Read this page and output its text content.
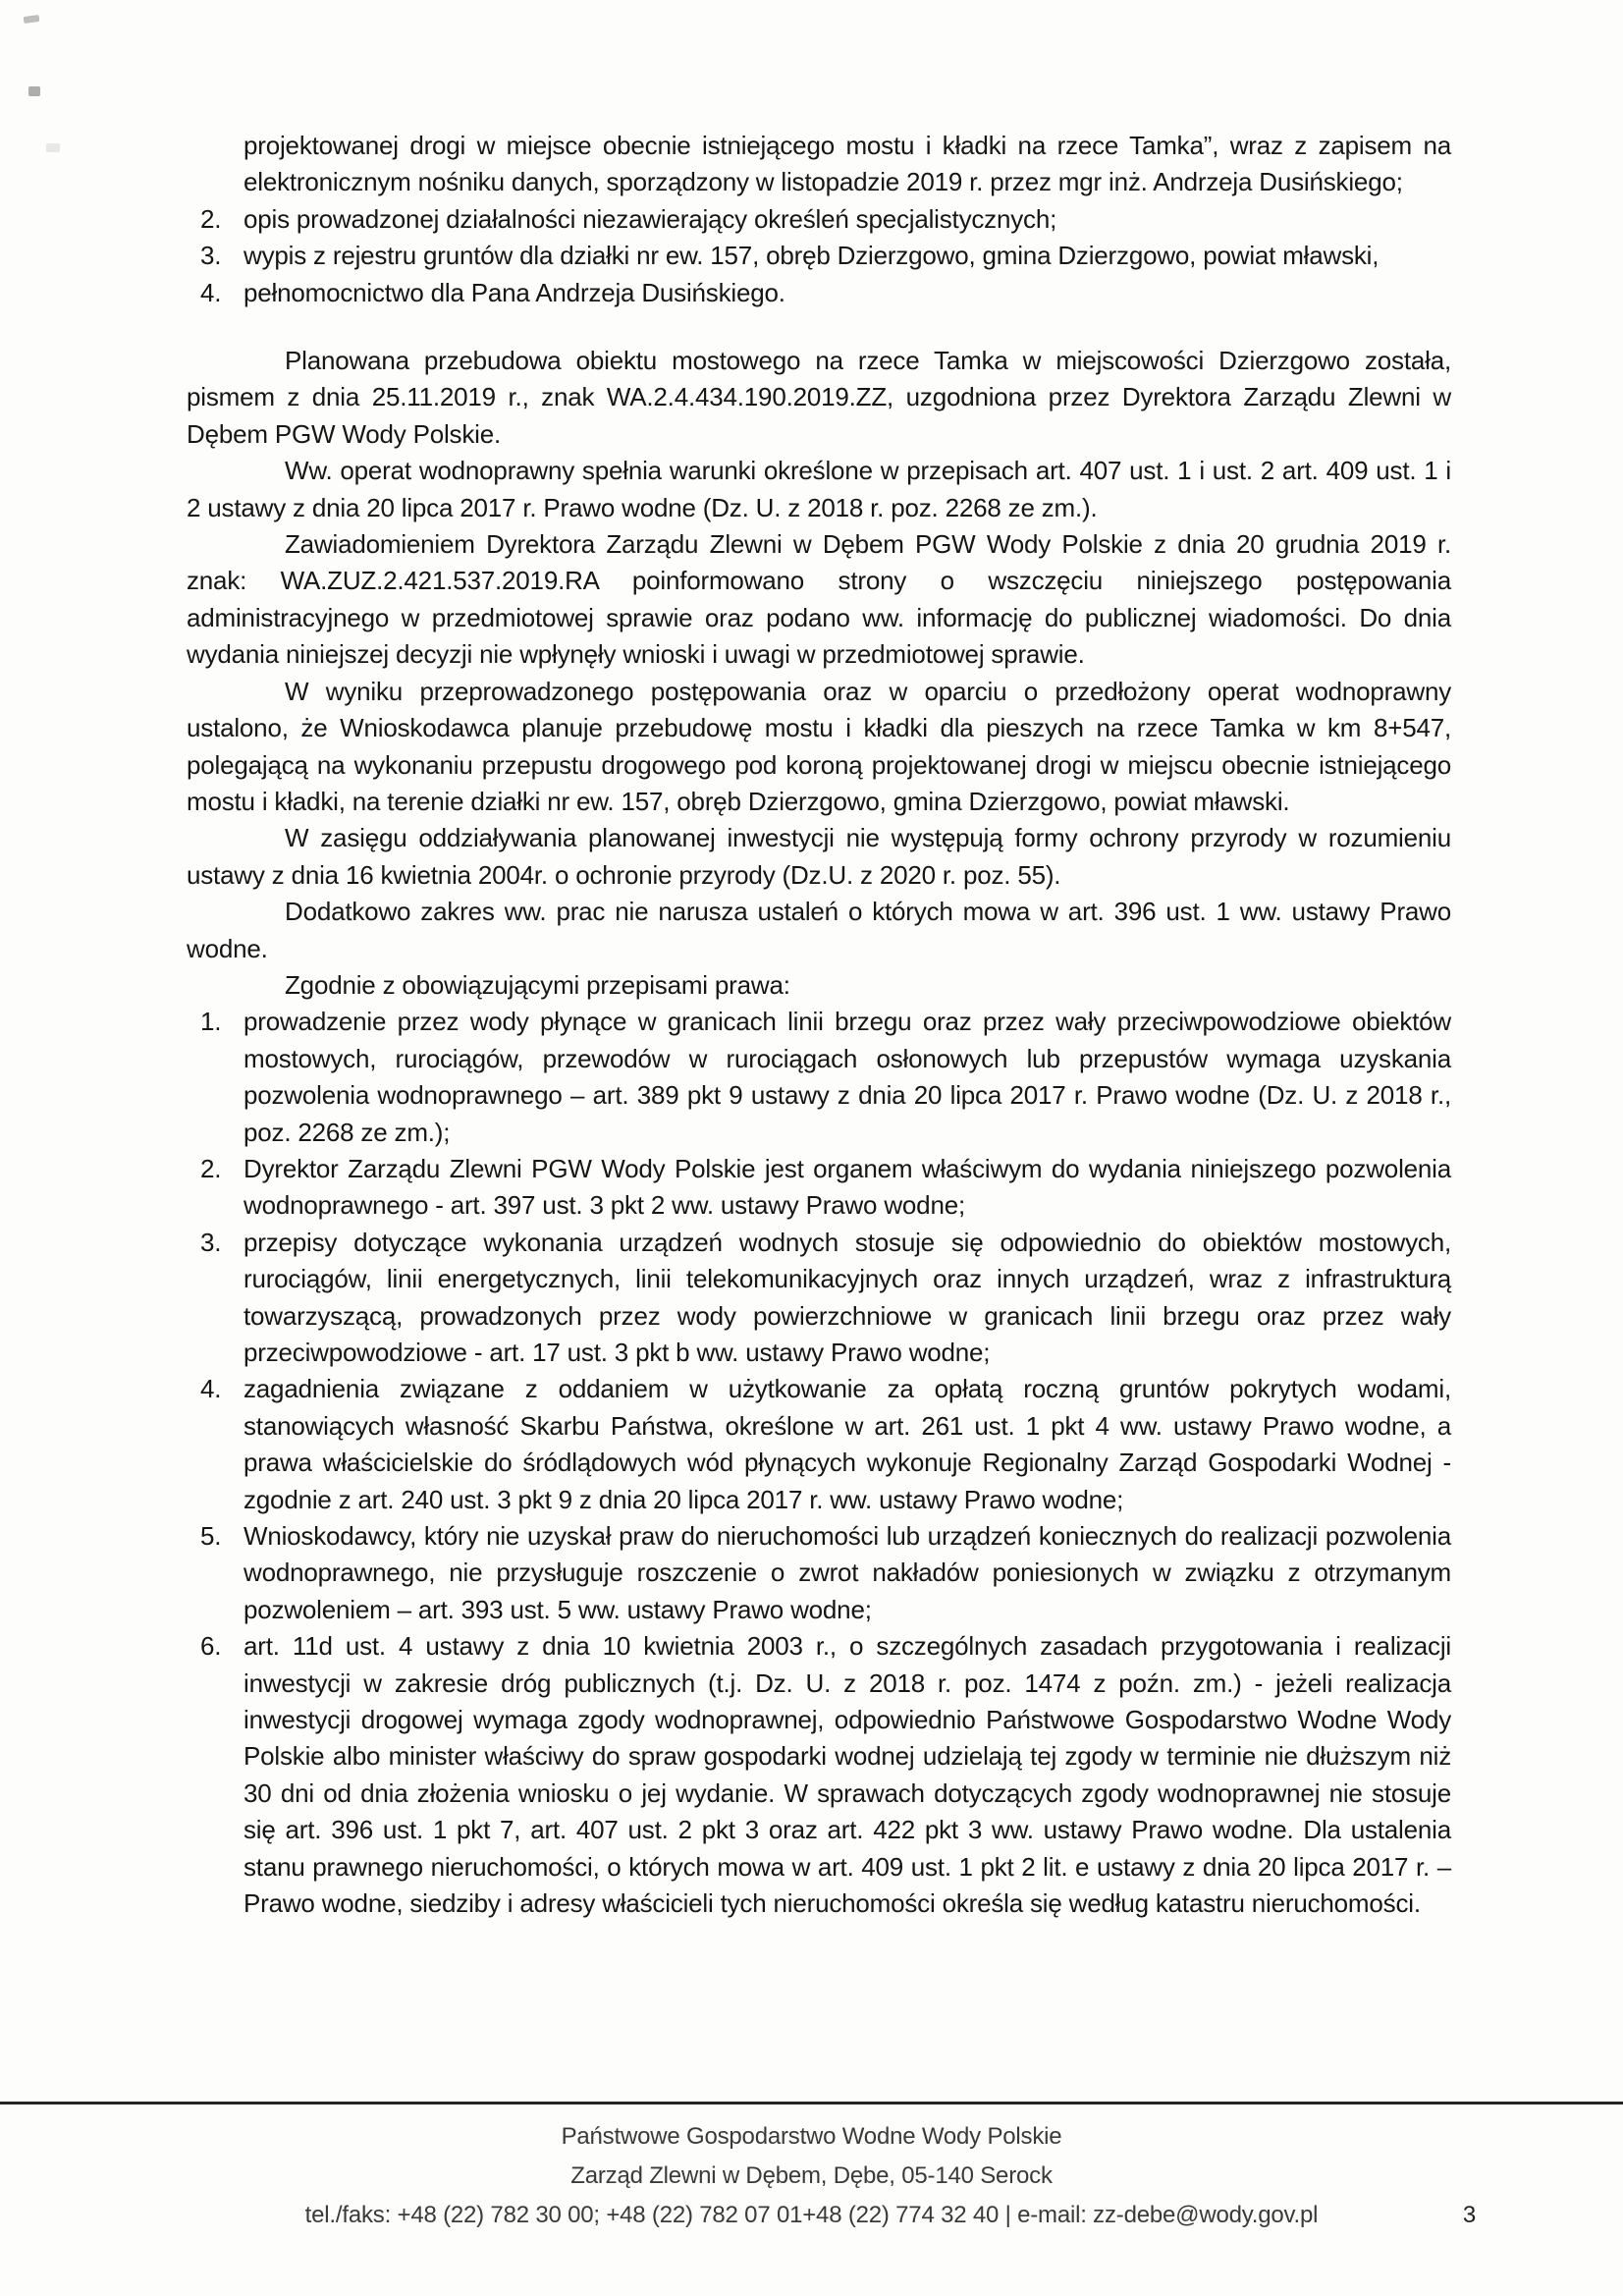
projektowanej drogi w miejsce obecnie istniejącego mostu i kładki na rzece Tamka”, wraz z zapisem na elektronicznym nośniku danych, sporządzony w listopadzie 2019 r. przez mgr inż. Andrzeja Dusińskiego;
2. opis prowadzonej działalności niezawierający określeń specjalistycznych;
3. wypis z rejestru gruntów dla działki nr ew. 157, obręb Dzierzgowo, gmina Dzierzgowo, powiat mławski,
4. pełnomocnictwo dla Pana Andrzeja Dusińskiego.

Planowana przebudowa obiektu mostowego na rzece Tamka w miejscowości Dzierzgowo została, pismem z dnia 25.11.2019 r., znak WA.2.4.434.190.2019.ZZ, uzgodniona przez Dyrektora Zarządu Zlewni w Dębem PGW Wody Polskie.

Ww. operat wodnoprawny spełnia warunki określone w przepisach art. 407 ust. 1 i ust. 2 art. 409 ust. 1 i 2 ustawy z dnia 20 lipca 2017 r. Prawo wodne (Dz. U. z 2018 r. poz. 2268 ze zm.).

Zawiadomieniem Dyrektora Zarządu Zlewni w Dębem PGW Wody Polskie z dnia 20 grudnia 2019 r. znak: WA.ZUZ.2.421.537.2019.RA poinformowano strony o wszczęciu niniejszego postępowania administracyjnego w przedmiotowej sprawie oraz podano ww. informację do publicznej wiadomości. Do dnia wydania niniejszej decyzji nie wpłynęły wnioski i uwagi w przedmiotowej sprawie.

W wyniku przeprowadzonego postępowania oraz w oparciu o przedłożony operat wodnoprawny ustalono, że Wnioskodawca planuje przebudowę mostu i kładki dla pieszych na rzece Tamka w km 8+547, polegającą na wykonaniu przepustu drogowego pod koroną projektowanej drogi w miejscu obecnie istniejącego mostu i kładki, na terenie działki nr ew. 157, obręb Dzierzgowo, gmina Dzierzgowo, powiat mławski.

W zasięgu oddziaływania planowanej inwestycji nie występują formy ochrony przyrody w rozumieniu ustawy z dnia 16 kwietnia 2004r. o ochronie przyrody (Dz.U. z 2020 r. poz. 55).

Dodatkowo zakres ww. prac nie narusza ustaleń o których mowa w art. 396 ust. 1 ww. ustawy Prawo wodne.

Zgodnie z obowiązującymi przepisami prawa:

1. prowadzenie przez wody płynące w granicach linii brzegu oraz przez wały przeciwpowodziowe obiektów mostowych, rurociągów, przewodów w rurociągach osłonowych lub przepustów wymaga uzyskania pozwolenia wodnoprawnego – art. 389 pkt 9 ustawy z dnia 20 lipca 2017 r. Prawo wodne (Dz. U. z 2018 r., poz. 2268 ze zm.);
2. Dyrektor Zarządu Zlewni PGW Wody Polskie jest organem właściwym do wydania niniejszego pozwolenia wodnoprawnego - art. 397 ust. 3 pkt 2 ww. ustawy Prawo wodne;
3. przepisy dotyczące wykonania urządzeń wodnych stosuje się odpowiednio do obiektów mostowych, rurociągów, linii energetycznych, linii telekomunikacyjnych oraz innych urządzeń, wraz z infrastrukturą towarzyszącą, prowadzonych przez wody powierzchniowe w granicach linii brzegu oraz przez wały przeciwpowodziowe - art. 17 ust. 3 pkt b ww. ustawy Prawo wodne;
4. zagadnienia związane z oddaniem w użytkowanie za opłatą roczną gruntów pokrytych wodami, stanowiących własność Skarbu Państwa, określone w art. 261 ust. 1 pkt 4 ww. ustawy Prawo wodne, a prawa właścicielskie do śródlądowych wód płynących wykonuje Regionalny Zarząd Gospodarki Wodnej - zgodnie z art. 240 ust. 3 pkt 9 z dnia 20 lipca 2017 r. ww. ustawy Prawo wodne;
5. Wnioskodawcy, który nie uzyskał praw do nieruchomości lub urządzeń koniecznych do realizacji pozwolenia wodnoprawnego, nie przysługuje roszczenie o zwrot nakładów poniesionych w związku z otrzymanym pozwoleniem – art. 393 ust. 5 ww. ustawy Prawo wodne;
6. art. 11d ust. 4 ustawy z dnia 10 kwietnia 2003 r., o szczególnych zasadach przygotowania i realizacji inwestycji w zakresie dróg publicznych (t.j. Dz. U. z 2018 r. poz. 1474 z poźn. zm.) - jeżeli realizacja inwestycji drogowej wymaga zgody wodnoprawnej, odpowiednio Państwowe Gospodarstwo Wodne Wody Polskie albo minister właściwy do spraw gospodarki wodnej udzielają tej zgody w terminie nie dłuższym niż 30 dni od dnia złożenia wniosku o jej wydanie. W sprawach dotyczących zgody wodnoprawnej nie stosuje się art. 396 ust. 1 pkt 7, art. 407 ust. 2 pkt 3 oraz art. 422 pkt 3 ww. ustawy Prawo wodne. Dla ustalenia stanu prawnego nieruchomości, o których mowa w art. 409 ust. 1 pkt 2 lit. e ustawy z dnia 20 lipca 2017 r. – Prawo wodne, siedziby i adresy właścicieli tych nieruchomości określa się według katastru nieruchomości.
Państwowe Gospodarstwo Wodne Wody Polskie
Zarząd Zlewni w Dębem, Dębe, 05-140 Serock
tel./faks: +48 (22) 782 30 00; +48 (22) 782 07 01+48 (22) 774 32 40 | e-mail: zz-debe@wody.gov.pl	3
